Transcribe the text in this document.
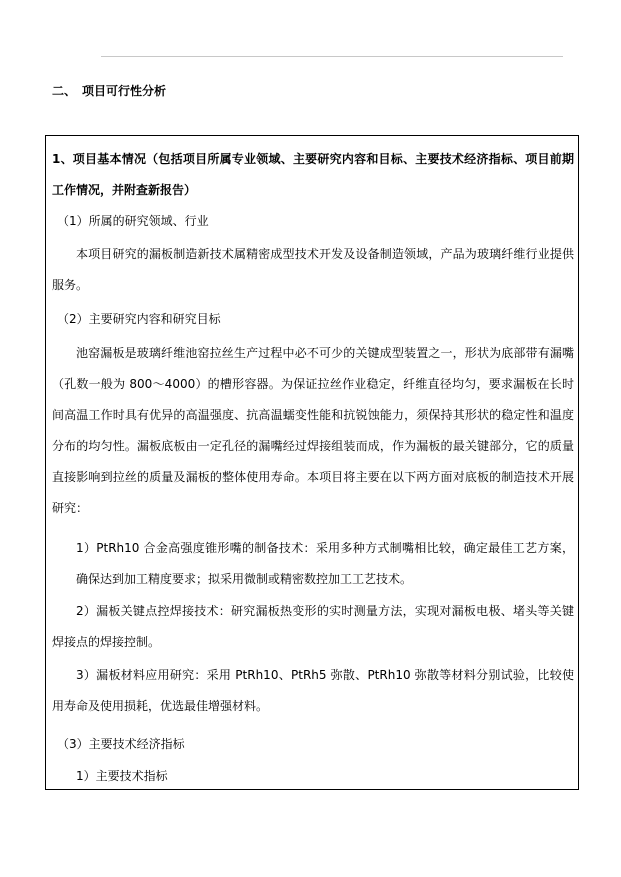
二、 项目可行性分析
1、项目基本情况（包括项目所属专业领域、主要研究内容和目标、主要技术经济指标、项目前期工作情况，并附查新报告）
（1）所属的研究领域、行业
本项目研究的漏板制造新技术属精密成型技术开发及设备制造领域，产品为玻璃纤维行业提供服务。
（2）主要研究内容和研究目标
池窑漏板是玻璃纤维池窑拉丝生产过程中必不可少的关键成型装置之一，形状为底部带有漏嘴（孔数一般为 800～4000）的槽形容器。为保证拉丝作业稳定，纤维直径均匀，要求漏板在长时间高温工作时具有优异的高温强度、抗高温蠕变性能和抗锐蚀能力，须保持其形状的稳定性和温度分布的均匀性。漏板底板由一定孔径的漏嘴经过焊接组装而成，作为漏板的最关键部分，它的质量直接影响到拉丝的质量及漏板的整体使用寿命。本项目将主要在以下两方面对底板的制造技术开展研究：
1）PtRh10 合金高强度锥形嘴的制备技术：采用多种方式制嘴相比较，确定最佳工艺方案，确保达到加工精度要求；拟采用微制或精密数控加工工艺技术。
2）漏板关键点控焊接技术：研究漏板热变形的实时测量方法，实现对漏板电极、堵头等关键焊接点的焊接控制。
3）漏板材料应用研究：采用 PtRh10、PtRh5 弥散、PtRh10 弥散等材料分别试验，比较使用寿命及使用损耗，优选最佳增强材料。
（3）主要技术经济指标
1）主要技术指标
